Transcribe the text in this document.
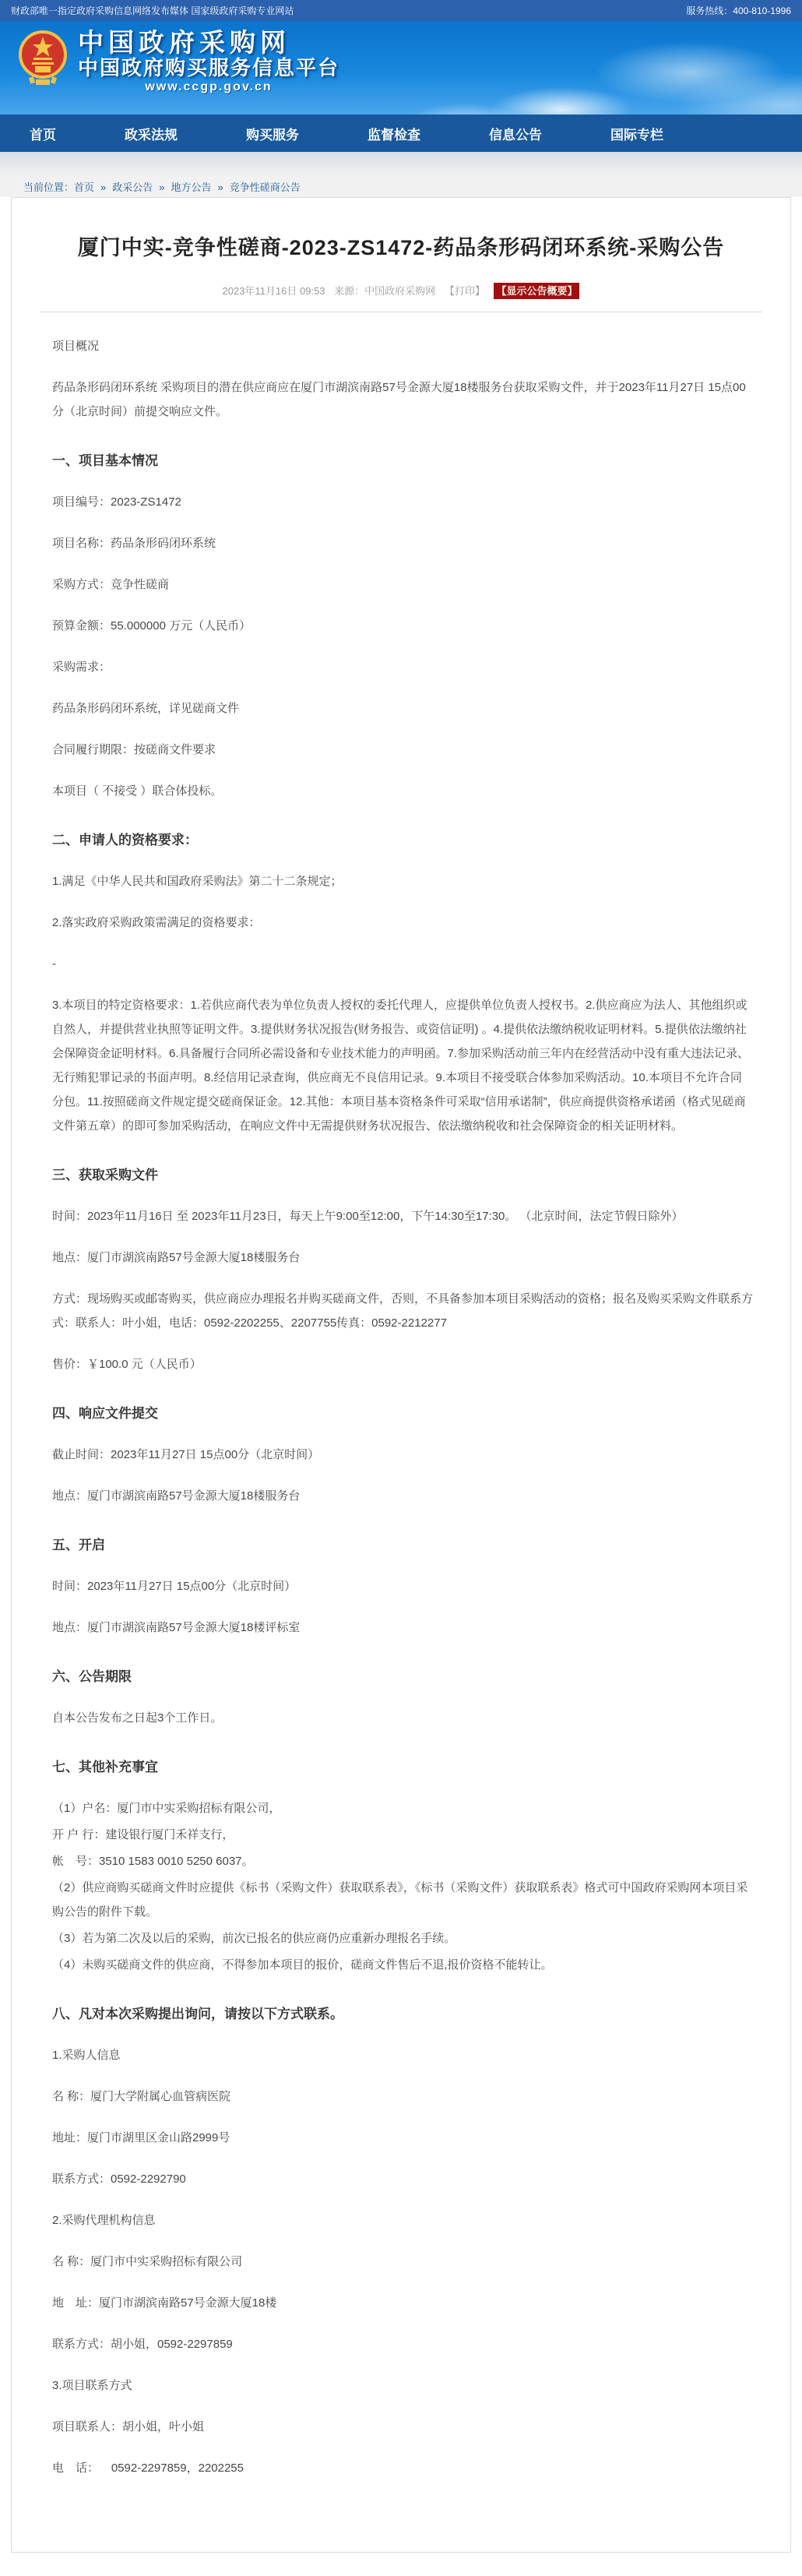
财政部唯一指定政府采购信息网络发布媒体 国家级政府采购专业网站	服务热线：400-810-1996
中国政府采购网
中国政府购买服务信息平台
www.ccgp.gov.cn
首页	政采法规	购买服务	监督检查	信息公告	国际专栏
当前位置： 首页 » 政采公告 » 地方公告 » 竞争性磋商公告
厦门中实-竞争性磋商-2023-ZS1472-药品条形码闭环系统-采购公告
2023年11月16日 09:53 来源：中国政府采购网 【打印】 【显示公告概要】

项目概况

药品条形码闭环系统 采购项目的潜在供应商应在厦门市湖滨南路57号金源大厦18楼服务台获取采购文件，并于2023年11月27日 15点00分（北京时间）前提交响应文件。

一、项目基本情况

项目编号：2023-ZS1472

项目名称：药品条形码闭环系统

采购方式：竞争性磋商

预算金额：55.000000 万元（人民币）

采购需求：

药品条形码闭环系统，详见磋商文件

合同履行期限：按磋商文件要求

本项目（ 不接受 ）联合体投标。

二、申请人的资格要求：

1.满足《中华人民共和国政府采购法》第二十二条规定；

2.落实政府采购政策需满足的资格要求：

-

3.本项目的特定资格要求：1.若供应商代表为单位负责人授权的委托代理人，应提供单位负责人授权书。2.供应商应为法人、其他组织或自然人，并提供营业执照等证明文件。3.提供财务状况报告(财务报告、或资信证明) 。4.提供依法缴纳税收证明材料。5.提供依法缴纳社会保障资金证明材料。6.具备履行合同所必需设备和专业技术能力的声明函。7.参加采购活动前三年内在经营活动中没有重大违法记录、无行贿犯罪记录的书面声明。8.经信用记录查询，供应商无不良信用记录。9.本项目不接受联合体参加采购活动。10.本项目不允许合同分包。11.按照磋商文件规定提交磋商保证金。12.其他：本项目基本资格条件可采取“信用承诺制”，供应商提供资格承诺函（格式见磋商文件第五章）的即可参加采购活动，在响应文件中无需提供财务状况报告、依法缴纳税收和社会保障资金的相关证明材料。

三、获取采购文件

时间：2023年11月16日 至 2023年11月23日，每天上午9:00至12:00，下午14:30至17:30。 （北京时间，法定节假日除外）

地点：厦门市湖滨南路57号金源大厦18楼服务台

方式：现场购买或邮寄购买，供应商应办理报名并购买磋商文件，否则，不具备参加本项目采购活动的资格；报名及购买采购文件联系方式：联系人：叶小姐，电话：0592-2202255、2207755传真：0592-2212277

售价：￥100.0 元（人民币）

四、响应文件提交

截止时间：2023年11月27日 15点00分（北京时间）

地点：厦门市湖滨南路57号金源大厦18楼服务台

五、开启

时间：2023年11月27日 15点00分（北京时间）

地点：厦门市湖滨南路57号金源大厦18楼评标室

六、公告期限

自本公告发布之日起3个工作日。

七、其他补充事宜

（1）户名：厦门市中实采购招标有限公司，

开 户 行：建设银行厦门禾祥支行，

帐　号：3510 1583 0010 5250 6037。

（2）供应商购买磋商文件时应提供《标书（采购文件）获取联系表》，《标书（采购文件）获取联系表》格式可中国政府采购网本项目采购公告的附件下载。

（3）若为第二次及以后的采购，前次已报名的供应商仍应重新办理报名手续。

（4）未购买磋商文件的供应商，不得参加本项目的报价，磋商文件售后不退,报价资格不能转让。

八、凡对本次采购提出询问，请按以下方式联系。

1.采购人信息

名 称：厦门大学附属心血管病医院

地址：厦门市湖里区金山路2999号

联系方式：0592-2292790

2.采购代理机构信息

名 称：厦门市中实采购招标有限公司

地　址：厦门市湖滨南路57号金源大厦18楼

联系方式：胡小姐，0592-2297859

3.项目联系方式

项目联系人：胡小姐，叶小姐

电　话：　  0592-2297859，2202255
